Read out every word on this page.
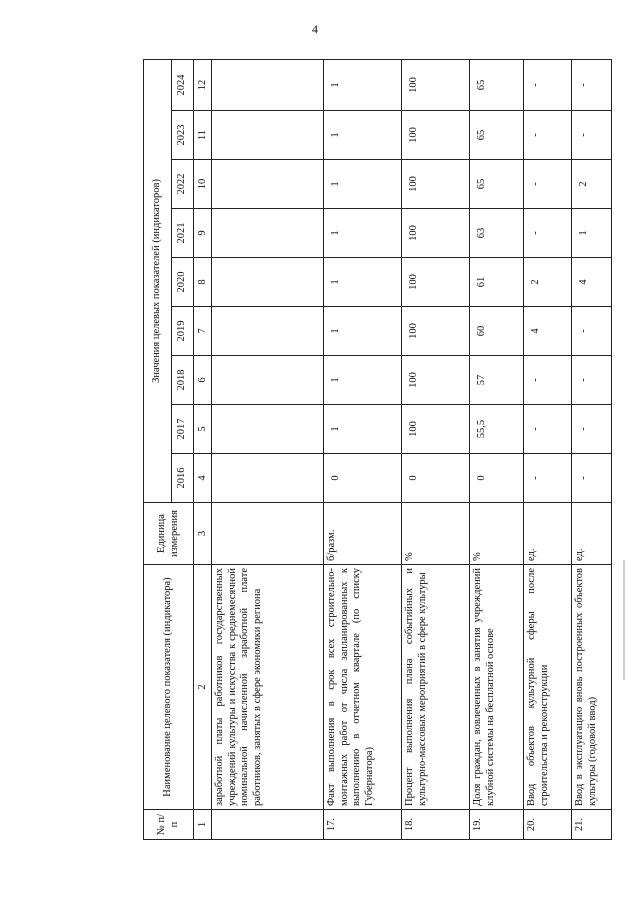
4
№ п/п	Наименование целевого показателя (индикатора)	Единица измерения	Значения целевых показателей (индикаторов)								
			2016	2017	2018	2019	2020	2021	2022	2023	2024
1	2	3	4	5	6	7	8	9	10	11	12
	заработной платы работников государственных учреждений культуры и искусства к среднемесячной номинальной начисленной заработной плате работников, занятых в сфере экономики региона										
17.	Факт выполнения в срок всех строительно-монтажных работ от числа запланированных к выполнению в отчетном квартале (по списку Губернатора)	б/разм.	0	1	1	1	1	1	1	1	1
18.	Процент выполнения плана событийных и культурно-массовых мероприятий в сфере культуры	%	0	100	100	100	100	100	100	100	100
19.	Доля граждан, вовлеченных в занятия учреждений клубной системы на бесплатной основе	%	0	55,5	57	60	61	63	65	65	65
20.	Ввод объектов культурной сферы после строительства и реконструкции	ед.	-	-	-	4	2	-	-	-	-
21.	Ввод в эксплуатацию вновь построенных объектов культуры (годовой ввод)	ед.	-	-	-	-	4	1	2	-	-
